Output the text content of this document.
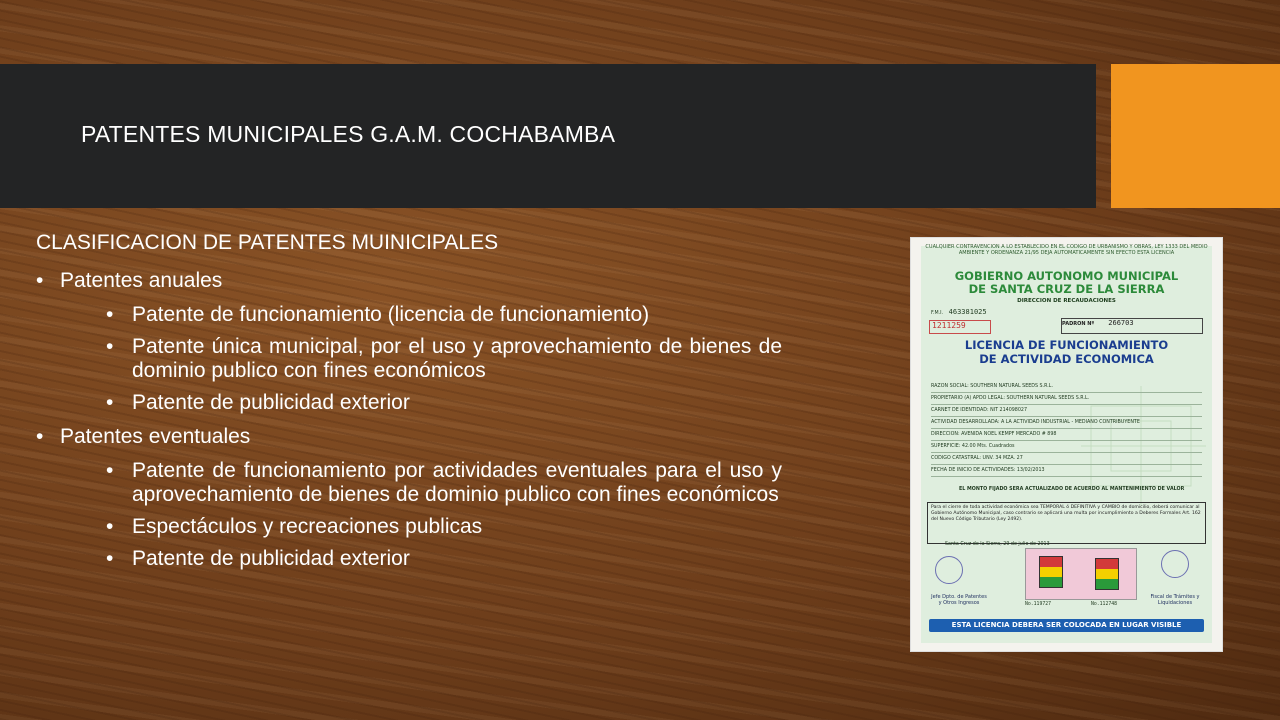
PATENTES MUNICIPALES G.A.M. COCHABAMBA
CLASIFICACION DE PATENTES MUINICIPALES
• Patentes anuales
• Patente de funcionamiento (licencia de funcionamiento)
• Patente única municipal, por el uso y aprovechamiento de bienes de dominio publico con fines económicos
• Patente de publicidad exterior
• Patentes eventuales
• Patente de funcionamiento por actividades eventuales para el uso y aprovechamiento de bienes de dominio publico con fines económicos
• Espectáculos y recreaciones publicas
• Patente de publicidad exterior
CUALQUIER CONTRAVENCION A LO ESTABLECIDO EN EL CODIGO DE URBANISMO Y OBRAS, LEY 1333 DEL MEDIO AMBIENTE Y ORDENANZA 21/95 DEJA AUTOMATICAMENTE SIN EFECTO ESTA LICENCIA
GOBIERNO AUTONOMO MUNICIPAL
DE SANTA CRUZ DE LA SIERRA
DIRECCION DE RECAUDACIONES
F.M.I. 463381025
1211259	PADRON Nº 266703
LICENCIA DE FUNCIONAMIENTO
DE ACTIVIDAD ECONOMICA
RAZON SOCIAL: SOUTHERN NATURAL SEEDS S.R.L.
PROPIETARIO (A) APDO LEGAL: SOUTHERN NATURAL SEEDS S.R.L.
CARNET DE IDENTIDAD: NIT 214098027
ACTIVIDAD DESARROLLADA: A LA ACTIVIDAD INDUSTRIAL - MEDIANO CONTRIBUYENTE
DIRECCION: AVENIDA NOEL KEMPF MERCADO # 898
SUPERFICIE: 42.00 Mts. Cuadrados
CODIGO CATASTRAL: UNV. 34 MZA. 27
FECHA DE INICIO DE ACTIVIDADES: 13/02/2013
EL MONTO FIJADO SERA ACTUALIZADO DE ACUERDO AL MANTENIMIENTO DE VALOR
Para el cierre de toda actividad económica sea TEMPORAL ó DEFINITIVA y CAMBIO de domicilio, deberá comunicar al Gobierno Autónomo Municipal, caso contrario se aplicará una multa por incumplimiento a Deberes Formales Art. 162 del Nuevo Código Tributario (Ley 2492).
Santa Cruz de la Sierra, 29 de julio de 2013
No.119727	No.112748
Jefe Dpto. de Patentes y Otros Ingresos
Fiscal de Trámites y Liquidaciones
ESTA LICENCIA DEBERA SER COLOCADA EN LUGAR VISIBLE
